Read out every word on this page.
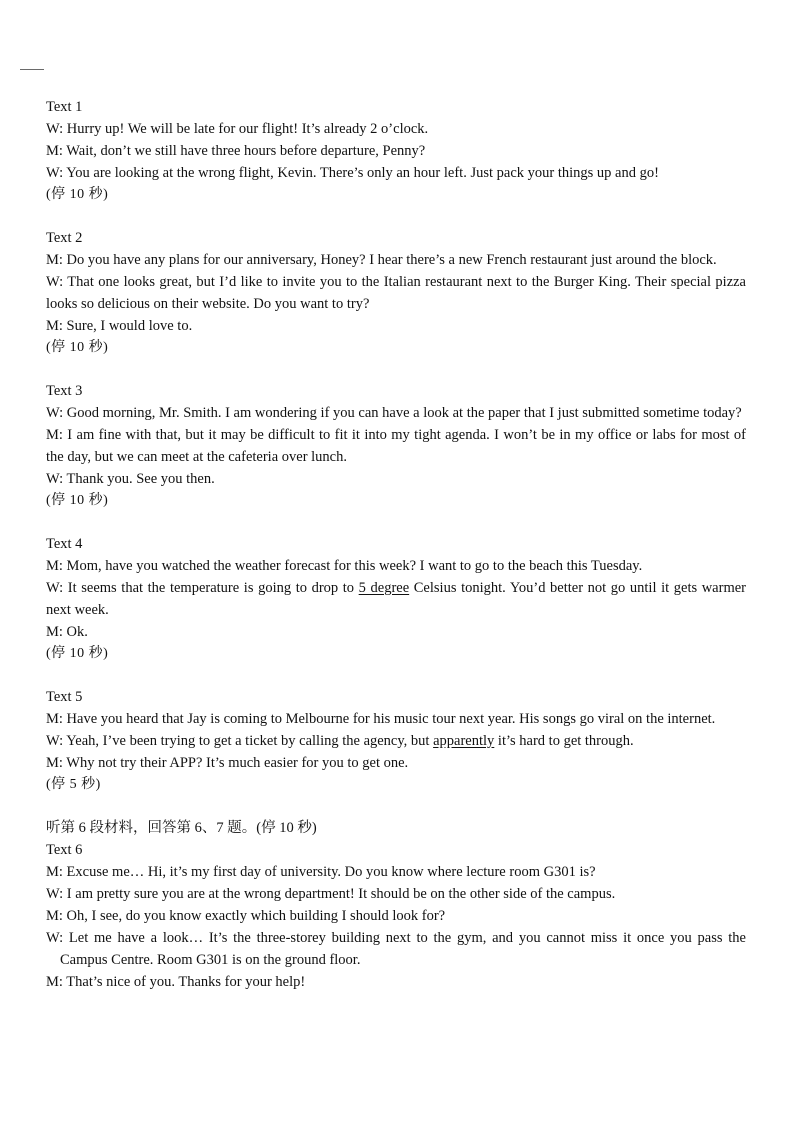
Text 1
W: Hurry up! We will be late for our flight! It’s already 2 o’clock.
M: Wait, don’t we still have three hours before departure, Penny?
W: You are looking at the wrong flight, Kevin. There’s only an hour left. Just pack your things up and go!
(停 10 秒)
Text 2
M: Do you have any plans for our anniversary, Honey? I hear there’s a new French restaurant just around the block.
W: That one looks great, but I’d like to invite you to the Italian restaurant next to the Burger King. Their special pizza looks so delicious on their website. Do you want to try?
M: Sure, I would love to.
(停 10 秒)
Text 3
W: Good morning, Mr. Smith. I am wondering if you can have a look at the paper that I just submitted sometime today?
M: I am fine with that, but it may be difficult to fit it into my tight agenda. I won’t be in my office or labs for most of the day, but we can meet at the cafeteria over lunch.
W: Thank you. See you then.
(停 10 秒)
Text 4
M: Mom, have you watched the weather forecast for this week? I want to go to the beach this Tuesday.
W: It seems that the temperature is going to drop to 5 degree Celsius tonight. You’d better not go until it gets warmer next week.
M: Ok.
(停 10 秒)
Text 5
M: Have you heard that Jay is coming to Melbourne for his music tour next year. His songs go viral on the internet.
W: Yeah, I’ve been trying to get a ticket by calling the agency, but apparently it’s hard to get through.
M: Why not try their APP? It’s much easier for you to get one.
(停 5 秒)
听第 6 段材料，回答第 6、7 题。(停 10 秒)
Text 6
M: Excuse me… Hi, it’s my first day of university. Do you know where lecture room G301 is?
W: I am pretty sure you are at the wrong department! It should be on the other side of the campus.
M: Oh, I see, do you know exactly which building I should look for?
W: Let me have a look… It’s the three-storey building next to the gym, and you cannot miss it once you pass the Campus Centre. Room G301 is on the ground floor.
M: That’s nice of you. Thanks for your help!
